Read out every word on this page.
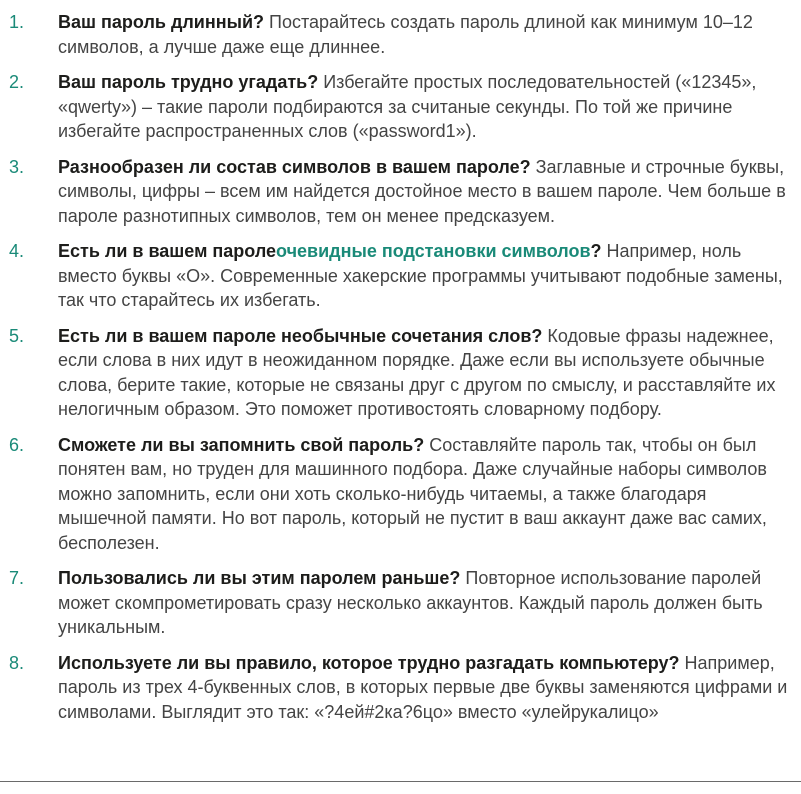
1.	Ваш пароль длинный? Постарайтесь создать пароль длиной как минимум 10–12 символов, а лучше даже еще длиннее.
2.	Ваш пароль трудно угадать? Избегайте простых последовательностей («12345», «qwerty») – такие пароли подбираются за считаные секунды. По той же причине избегайте распространенных слов («password1»).
3.	Разнообразен ли состав символов в вашем пароле? Заглавные и строчные буквы, символы, цифры – всем им найдется достойное место в вашем пароле. Чем больше в пароле разнотипных символов, тем он менее предсказуем.
4.	Есть ли в вашем паролеочевидные подстановки символов? Например, ноль вместо буквы «О». Современные хакерские программы учитывают подобные замены, так что старайтесь их избегать.
5.	Есть ли в вашем пароле необычные сочетания слов? Кодовые фразы надежнее, если слова в них идут в неожиданном порядке. Даже если вы используете обычные слова, берите такие, которые не связаны друг с другом по смыслу, и расставляйте их нелогичным образом. Это поможет противостоять словарному подбору.
6.	Сможете ли вы запомнить свой пароль? Составляйте пароль так, чтобы он был понятен вам, но труден для машинного подбора. Даже случайные наборы символов можно запомнить, если они хоть сколько-нибудь читаемы, а также благодаря мышечной памяти. Но вот пароль, который не пустит в ваш аккаунт даже вас самих, бесполезен.
7.	Пользовались ли вы этим паролем раньше? Повторное использование паролей может скомпрометировать сразу несколько аккаунтов. Каждый пароль должен быть уникальным.
8.	Используете ли вы правило, которое трудно разгадать компьютеру? Например, пароль из трех 4-буквенных слов, в которых первые две буквы заменяются цифрами и символами. Выглядит это так: «?4ей#2ка?6цо» вместо «улейрукалицо»
